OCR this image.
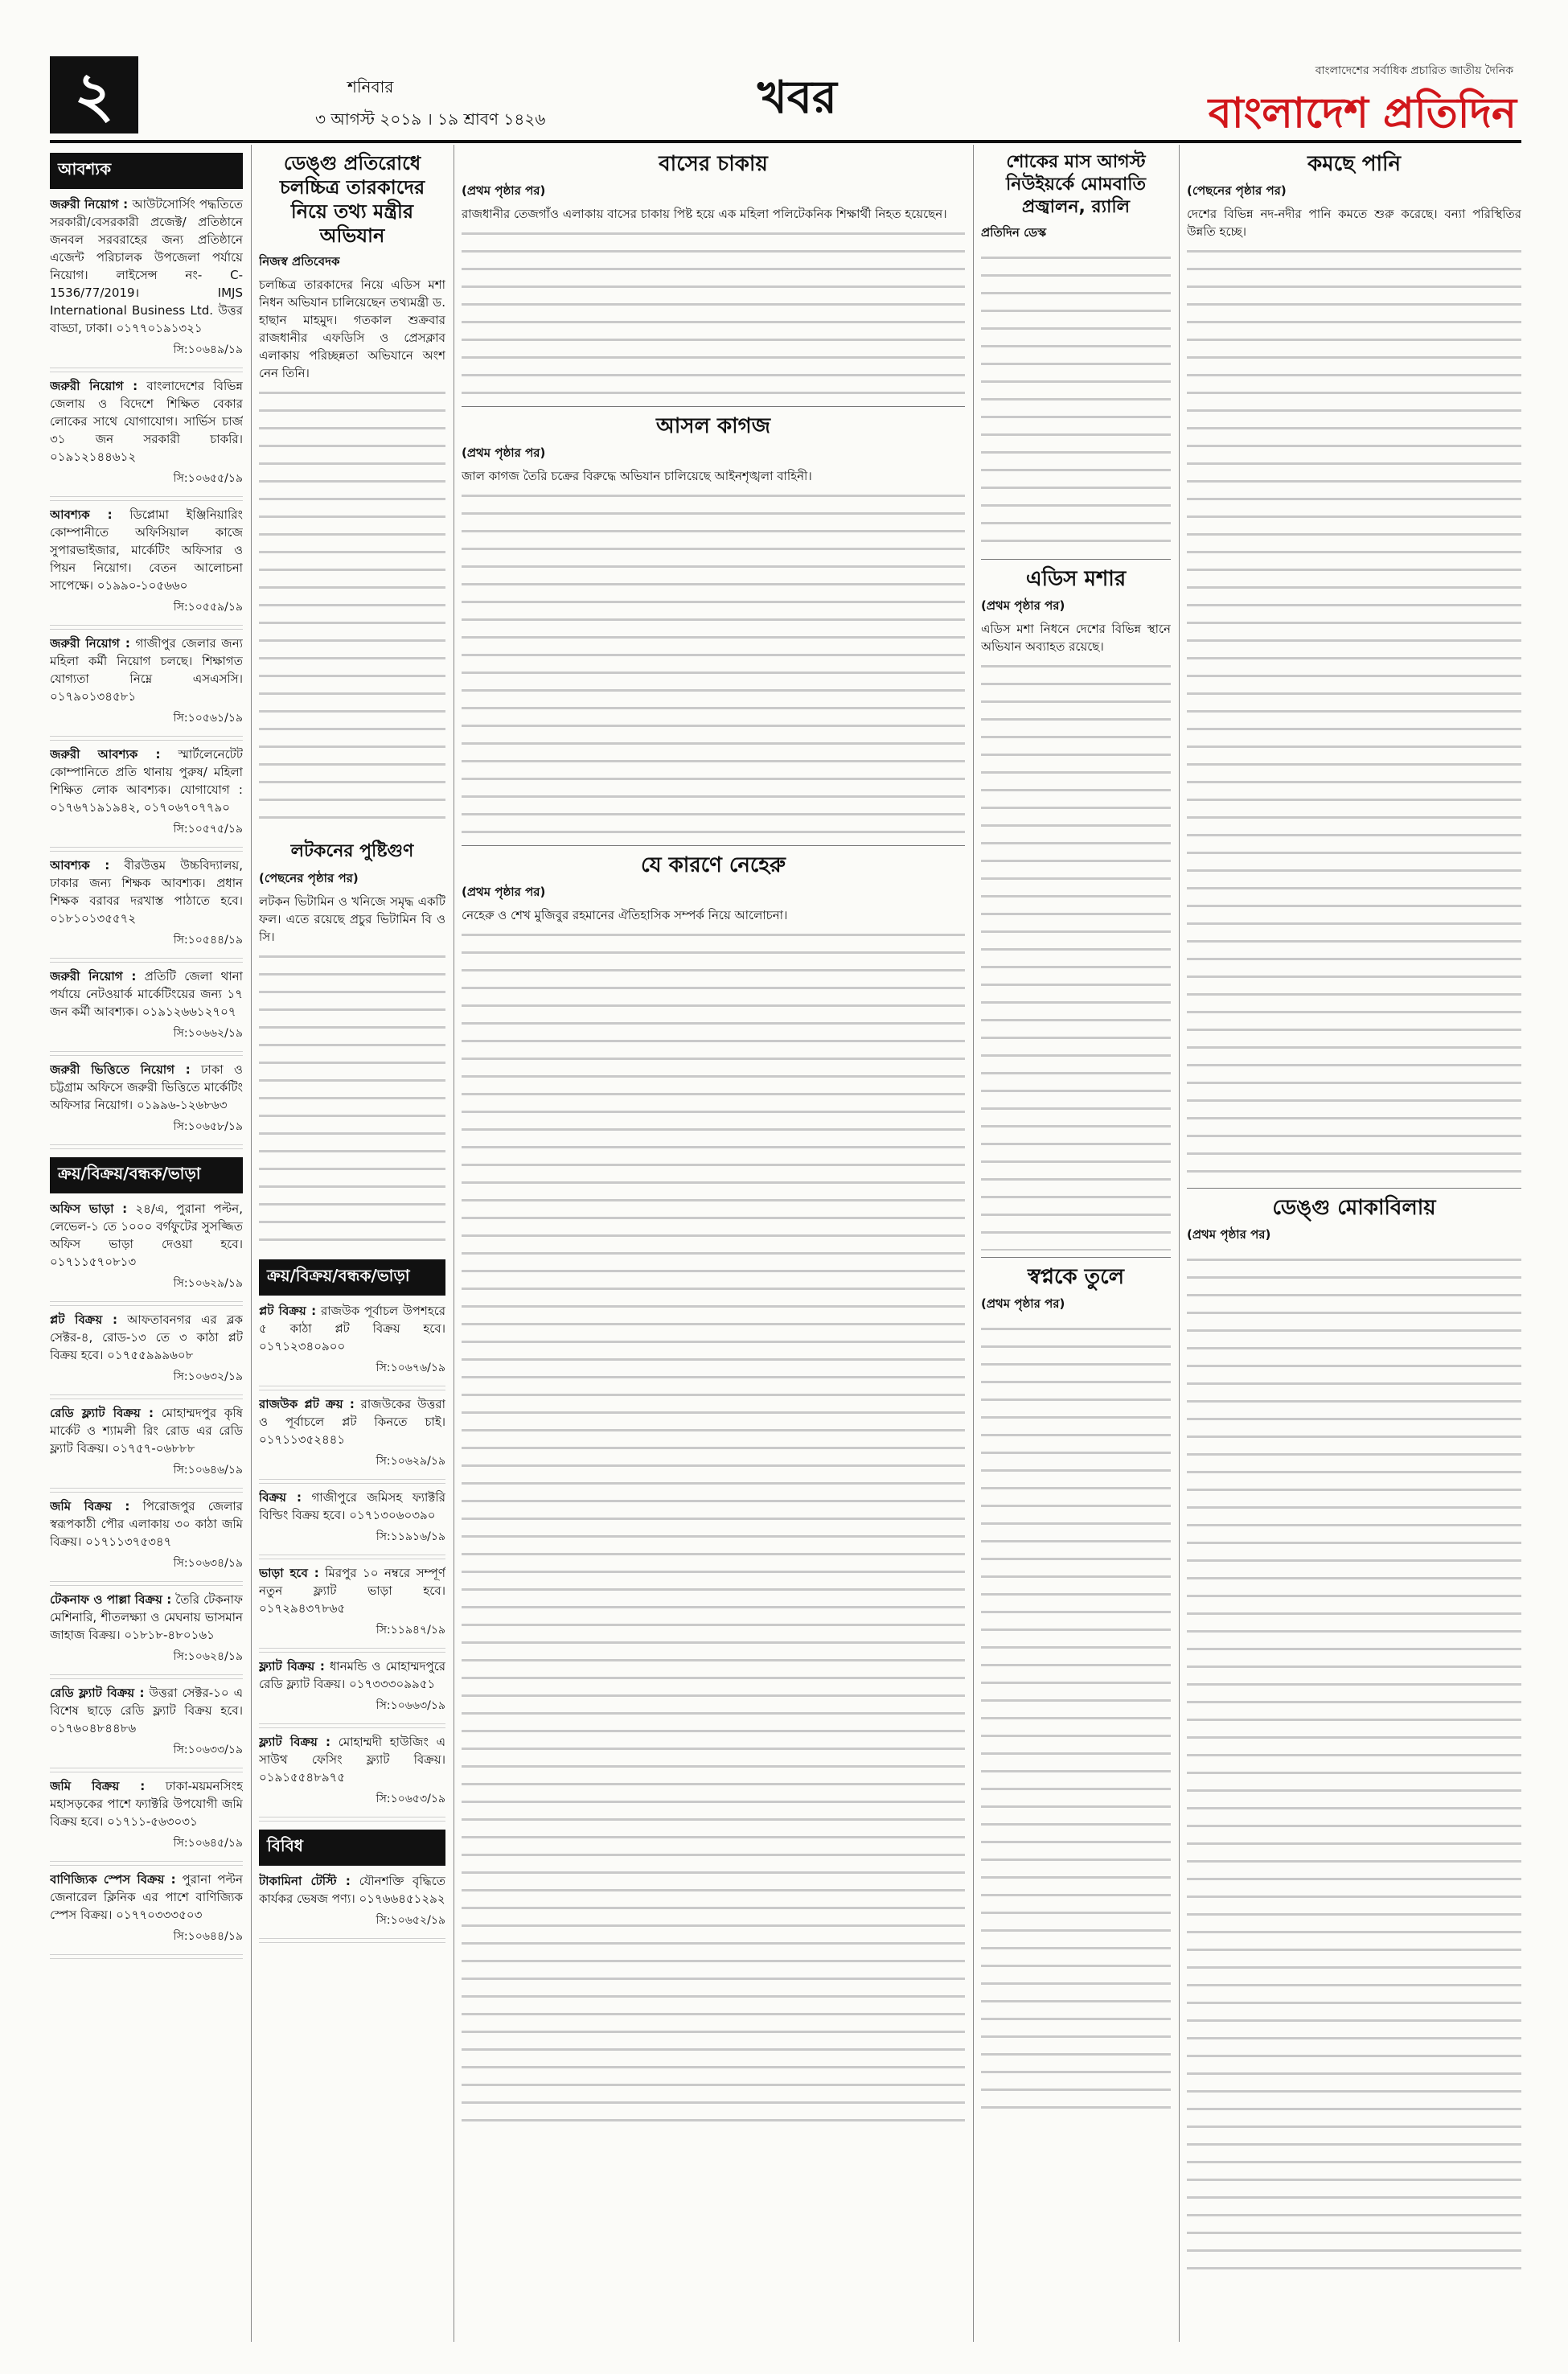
২	শনিবার
৩ আগস্ট ২০১৯ । ১৯ শ্রাবণ ১৪২৬	খবর	বাংলাদেশের সর্বাধিক প্রচারিত জাতীয় দৈনিক
বাংলাদেশ প্রতিদিন
আবশ্যক
জরুরী নিয়োগ : আউটসোর্সিং পদ্ধতিতে সরকারী/বেসরকারী প্রজেক্ট/ প্রতিষ্ঠানে জনবল সরবরাহের জন্য প্রতিষ্ঠানে এজেন্ট পরিচালক উপজেলা পর্যায়ে নিয়োগ। লাইসেন্স নং- C-1536/77/2019। IMJS International Business Ltd. উত্তর বাড্ডা, ঢাকা। ০১৭৭০১৯১৩২১
সি:১০৬৪৯/১৯
জরুরী নিয়োগ : বাংলাদেশের বিভিন্ন জেলায় ও বিদেশে শিক্ষিত বেকার লোকের সাথে যোগাযোগ। সার্ভিস চার্জ ৩১ জন সরকারী চাকরি। ০১৯১২১৪৪৬১২
সি:১০৬৫৫/১৯
আবশ্যক : ডিপ্লোমা ইঞ্জিনিয়ারিং কোম্পানীতে অফিসিয়াল কাজে সুপারভাইজার, মার্কেটিং অফিসার ও পিয়ন নিয়োগ। বেতন আলোচনা সাপেক্ষে। ০১৯৯০-১০৫৬৬০
সি:১০৫৫৯/১৯
জরুরী নিয়োগ : গাজীপুর জেলার জন্য মহিলা কর্মী নিয়োগ চলছে। শিক্ষাগত যোগ্যতা নিম্নে এসএসসি। ০১৭৯০১৩৪৫৮১
সি:১০৫৬১/১৯
জরুরী আবশ্যক : স্মার্টলেনেটেট কোম্পানিতে প্রতি থানায় পুরুষ/ মহিলা শিক্ষিত লোক আবশ্যক। যোগাযোগ : ০১৭৬৭১৯১৯৪২, ০১৭০৬৭০৭৭৯০
সি:১০৫৭৫/১৯
আবশ্যক : বীরউত্তম উচ্চবিদ্যালয়, ঢাকার জন্য শিক্ষক আবশ্যক। প্রধান শিক্ষক বরাবর দরখাস্ত পাঠাতে হবে। ০১৮১০১৩৫৫৭২
সি:১০৫৪৪/১৯
জরুরী নিয়োগ : প্রতিটি জেলা থানা পর্যায়ে নেটওয়ার্ক মার্কেটিংয়ের জন্য ১৭ জন কর্মী আবশ্যক। ০১৯১২৬৬১২৭০৭
সি:১০৬৬২/১৯
জরুরী ভিত্তিতে নিয়োগ : ঢাকা ও চট্টগ্রাম অফিসে জরুরী ভিত্তিতে মার্কেটিং অফিসার নিয়োগ। ০১৯৯৬-১২৬৮৬৩
সি:১০৬৫৮/১৯
ক্রয়/বিক্রয়/বন্ধক/ভাড়া
অফিস ভাড়া : ২৪/এ, পুরানা পল্টন, লেভেল-১ তে ১০০০ বর্গফুটের সুসজ্জিত অফিস ভাড়া দেওয়া হবে। ০১৭১১৫৭০৮১৩
সি:১০৬২৯/১৯
প্লট বিক্রয় : আফতাবনগর এর ব্লক সেক্টর-৪, রোড-১৩ তে ৩ কাঠা প্লট বিক্রয় হবে। ০১৭৫৫৯৯৯৬০৮
সি:১০৬৩২/১৯
রেডি ফ্ল্যাট বিক্রয় : মোহাম্মদপুর কৃষি মার্কেট ও শ্যামলী রিং রোড এর রেডি ফ্ল্যাট বিক্রয়। ০১৭৫৭-০৬৮৮৮
সি:১০৬৪৬/১৯
জমি বিক্রয় : পিরোজপুর জেলার স্বরূপকাঠী পৌর এলাকায় ৩০ কাঠা জমি বিক্রয়। ০১৭১১৩৭৫৩৪৭
সি:১০৬৩৪/১৯
টেকনাফ ও পাল্লা বিক্রয় : তৈরি টেকনাফ মেশিনারি, শীতলক্ষ্যা ও মেঘনায় ভাসমান জাহাজ বিক্রয়। ০১৮১৮-৪৮০১৬১
সি:১০৬২৪/১৯
রেডি ফ্ল্যাট বিক্রয় : উত্তরা সেক্টর-১০ এ বিশেষ ছাড়ে রেডি ফ্ল্যাট বিক্রয় হবে। ০১৭৬০৪৮৪৪৮৬
সি:১০৬৩৩/১৯
জমি বিক্রয় : ঢাকা-ময়মনসিংহ মহাসড়কের পাশে ফ্যাক্টরি উপযোগী জমি বিক্রয় হবে। ০১৭১১-৫৬৩০৩১
সি:১০৬৪৫/১৯
বাণিজ্যিক স্পেস বিক্রয় : পুরানা পল্টন জেনারেল ক্লিনিক এর পাশে বাণিজ্যিক স্পেস বিক্রয়। ০১৭৭০৩৩৩৫০৩
সি:১০৬৪৪/১৯
ডেঙ্গু প্রতিরোধে চলচ্চিত্র তারকাদের নিয়ে তথ্য মন্ত্রীর অভিযান
নিজস্ব প্রতিবেদক
চলচ্চিত্র তারকাদের নিয়ে এডিস মশা নিধন অভিযান চালিয়েছেন তথ্যমন্ত্রী ড. হাছান মাহমুদ। গতকাল শুক্রবার রাজধানীর এফডিসি ও প্রেসক্লাব এলাকায় পরিচ্ছন্নতা অভিযানে অংশ নেন তিনি।
লটকনের পুষ্টিগুণ
(পেছনের পৃষ্ঠার পর)
লটকন ভিটামিন ও খনিজে সমৃদ্ধ একটি ফল। এতে রয়েছে প্রচুর ভিটামিন বি ও সি।
ক্রয়/বিক্রয়/বন্ধক/ভাড়া
প্লট বিক্রয় : রাজউক পূর্বাচল উপশহরে ৫ কাঠা প্লট বিক্রয় হবে। ০১৭১২৩৪০৯০০
সি:১০৬৭৬/১৯
রাজউক প্লট ক্রয় : রাজউকের উত্তরা ও পূর্বাচলে প্লট কিনতে চাই। ০১৭১১৩৫২৪৪১
সি:১০৬২৯/১৯
বিক্রয় : গাজীপুরে জমিসহ ফ্যাক্টরি বিল্ডিং বিক্রয় হবে। ০১৭১৩০৬০৩৯০
সি:১১৯১৬/১৯
ভাড়া হবে : মিরপুর ১০ নম্বরে সম্পূর্ণ নতুন ফ্ল্যাট ভাড়া হবে। ০১৭২৯৪৩৭৮৬৫
সি:১১৯৪৭/১৯
ফ্ল্যাট বিক্রয় : ধানমন্ডি ও মোহাম্মদপুরে রেডি ফ্ল্যাট বিক্রয়। ০১৭৩৩৩০৯৯৫১
সি:১০৬৬৩/১৯
ফ্ল্যাট বিক্রয় : মোহাম্মদী হাউজিং এ সাউথ ফেসিং ফ্ল্যাট বিক্রয়। ০১৯১৫৫৪৮৯৭৫
সি:১০৬৫৩/১৯
বিবিধ
টাকামিনা টেস্টি : যৌনশক্তি বৃদ্ধিতে কার্যকর ভেষজ পণ্য। ০১৭৬৬৪৫১২৯২
সি:১০৬৫২/১৯
বাসের চাকায়
(প্রথম পৃষ্ঠার পর)
রাজধানীর তেজগাঁও এলাকায় বাসের চাকায় পিষ্ট হয়ে এক মহিলা পলিটেকনিক শিক্ষার্থী নিহত হয়েছেন।
আসল কাগজ
(প্রথম পৃষ্ঠার পর)
জাল কাগজ তৈরি চক্রের বিরুদ্ধে অভিযান চালিয়েছে আইনশৃঙ্খলা বাহিনী।
যে কারণে নেহেরু
(প্রথম পৃষ্ঠার পর)
নেহেরু ও শেখ মুজিবুর রহমানের ঐতিহাসিক সম্পর্ক নিয়ে আলোচনা।
শোকের মাস আগস্ট নিউইয়র্কে মোমবাতি প্রজ্বালন, র‌্যালি
প্রতিদিন ডেস্ক
এডিস মশার
(প্রথম পৃষ্ঠার পর)
এডিস মশা নিধনে দেশের বিভিন্ন স্থানে অভিযান অব্যাহত রয়েছে।
স্বপ্নকে তুলে
(প্রথম পৃষ্ঠার পর)
কমছে পানি
(পেছনের পৃষ্ঠার পর)
দেশের বিভিন্ন নদ-নদীর পানি কমতে শুরু করেছে। বন্যা পরিস্থিতির উন্নতি হচ্ছে।
ডেঙ্গু মোকাবিলায়
(প্রথম পৃষ্ঠার পর)
